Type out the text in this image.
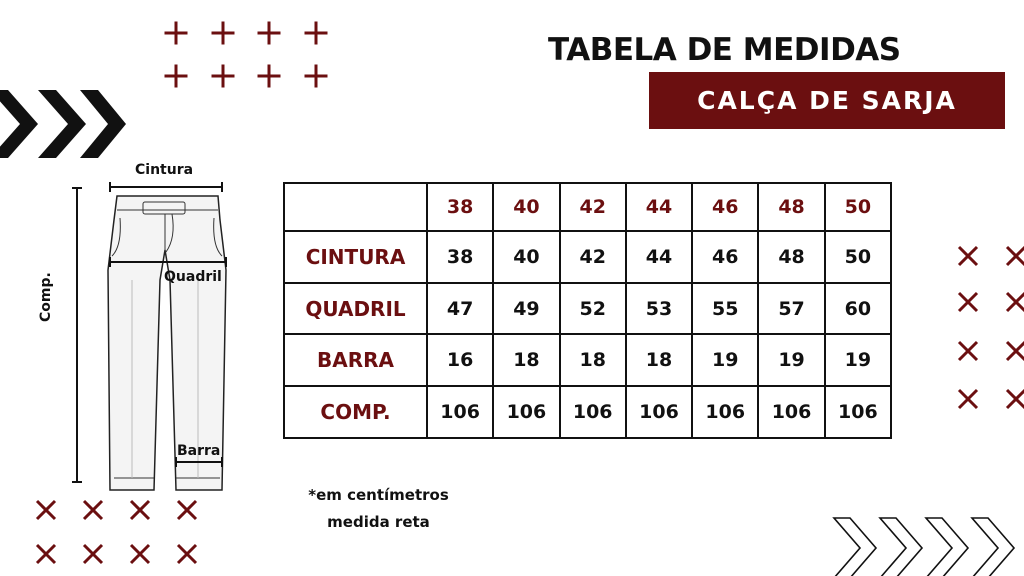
TABELA DE MEDIDAS
CALÇA DE SARJA
Cintura
Quadril
Barra
Comp.
	38	40	42	44	46	48	50
CINTURA	38	40	42	44	46	48	50
QUADRIL	47	49	52	53	55	57	60
BARRA	16	18	18	18	19	19	19
COMP.	106	106	106	106	106	106	106
*em centímetros
medida reta
